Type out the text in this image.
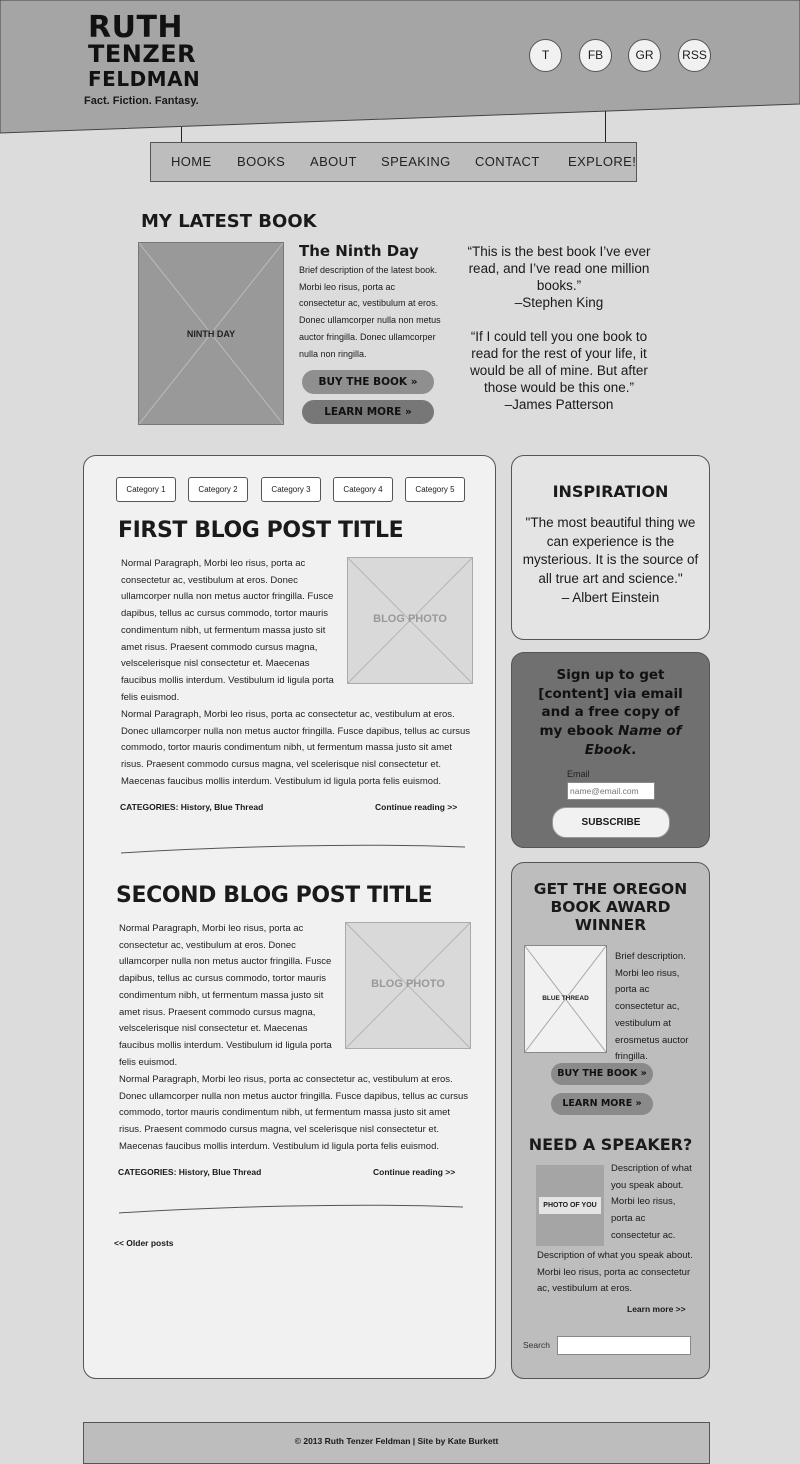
RUTH
TENZER
FELDMAN
Fact. Fiction. Fantasy.
T	FB	GR	RSS
HOME BOOKS ABOUT SPEAKING CONTACT EXPLORE!
MY LATEST BOOK
NINTH DAY
The Ninth Day
Brief description of the latest book. Morbi leo risus, porta ac consectetur ac, vestibulum at eros. Donec ullamcorper nulla non metus auctor fringilla. Donec ullamcorper nulla non ringilla.
BUY THE BOOK »
LEARN MORE »
“This is the best book I’ve ever read, and I’ve read one million books.”
–Stephen King
“If I could tell you one book to read for the rest of your life, it would be all of mine. But after those would be this one.”
–James Patterson
Category 1	Category 2	Category 3	Category 4	Category 5
FIRST BLOG POST TITLE
Normal Paragraph, Morbi leo risus, porta ac consectetur ac, vestibulum at eros. Donec ullamcorper nulla non metus auctor fringilla. Fusce dapibus, tellus ac cursus commodo, tortor mauris condimentum nibh, ut fermentum massa justo sit amet risus. Praesent commodo cursus magna, velscelerisque nisl consectetur et. Maecenas faucibus mollis interdum. Vestibulum id ligula porta felis euismod.
BLOG PHOTO
Normal Paragraph, Morbi leo risus, porta ac consectetur ac, vestibulum at eros. Donec ullamcorper nulla non metus auctor fringilla. Fusce dapibus, tellus ac cursus commodo, tortor mauris condimentum nibh, ut fermentum massa justo sit amet risus. Praesent commodo cursus magna, vel scelerisque nisl consectetur et. Maecenas faucibus mollis interdum. Vestibulum id ligula porta felis euismod.
CATEGORIES: History, Blue Thread	Continue reading >>
SECOND BLOG POST TITLE
Normal Paragraph, Morbi leo risus, porta ac consectetur ac, vestibulum at eros. Donec ullamcorper nulla non metus auctor fringilla. Fusce dapibus, tellus ac cursus commodo, tortor mauris condimentum nibh, ut fermentum massa justo sit amet risus. Praesent commodo cursus magna, velscelerisque nisl consectetur et. Maecenas faucibus mollis interdum. Vestibulum id ligula porta felis euismod.
BLOG PHOTO
Normal Paragraph, Morbi leo risus, porta ac consectetur ac, vestibulum at eros. Donec ullamcorper nulla non metus auctor fringilla. Fusce dapibus, tellus ac cursus commodo, tortor mauris condimentum nibh, ut fermentum massa justo sit amet risus. Praesent commodo cursus magna, vel scelerisque nisl consectetur et. Maecenas faucibus mollis interdum. Vestibulum id ligula porta felis euismod.
CATEGORIES: History, Blue Thread	Continue reading >>
<< Older posts
INSPIRATION
"The most beautiful thing we can experience is the mysterious. It is the source of all true art and science."
– Albert Einstein
Sign up to get [content] via email and a free copy of my ebook Name of Ebook.
Email
name@email.com
SUBSCRIBE
GET THE OREGON BOOK AWARD WINNER
BLUE THREAD
Brief description. Morbi leo risus, porta ac consectetur ac, vestibulum at erosmetus auctor fringilla.
BUY THE BOOK »
LEARN MORE »
NEED A SPEAKER?
PHOTO OF YOU
Description of what you speak about. Morbi leo risus, porta ac consectetur ac.
Description of what you speak about. Morbi leo risus, porta ac consectetur ac, vestibulum at eros.
Learn more >>
Search
© 2013 Ruth Tenzer Feldman | Site by Kate Burkett
